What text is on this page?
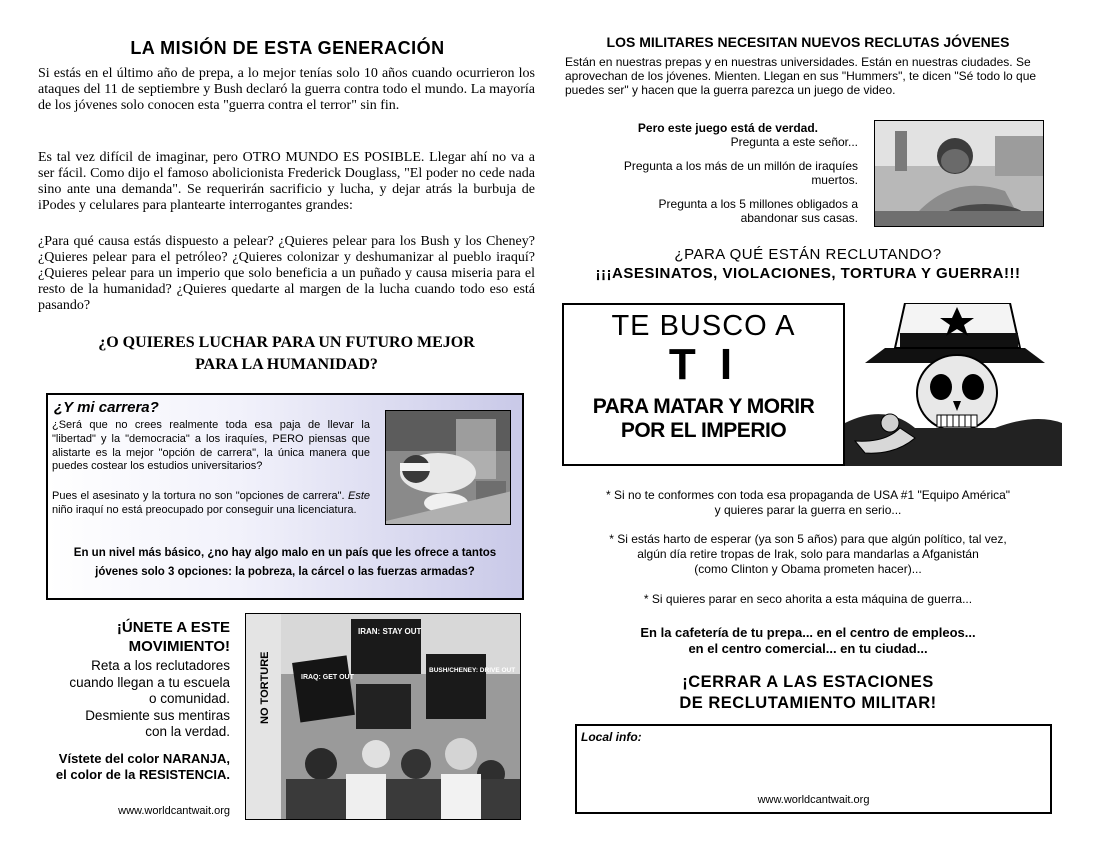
LA MISIÓN DE ESTA GENERACIÓN
Si estás en el último año de prepa, a lo mejor tenías solo 10 años cuando ocurrieron los ataques del 11 de septiembre y Bush declaró la guerra contra todo el mundo. La mayoría de los jóvenes solo conocen esta "guerra contra el terror" sin fin.
Es tal vez difícil de imaginar, pero OTRO MUNDO ES POSIBLE. Llegar ahí no va a ser fácil. Como dijo el famoso abolicionista Frederick Douglass, "El poder no cede nada sino ante una demanda". Se requerirán sacrificio y lucha, y dejar atrás la burbuja de iPodes y celulares para plantearte interrogantes grandes:
¿Para qué causa estás dispuesto a pelear? ¿Quieres pelear para los Bush y los Cheney? ¿Quieres pelear para el petróleo? ¿Quieres colonizar y deshumanizar al pueblo iraquí? ¿Quieres pelear para un imperio que solo beneficia a un puñado y causa miseria para el resto de la humanidad? ¿Quieres quedarte al margen de la lucha cuando todo eso está pasando?
¿O QUIERES LUCHAR PARA UN FUTURO MEJOR
PARA LA HUMANIDAD?
¿Y mi carrera?
¿Será que no crees realmente toda esa paja de llevar la "libertad" y la "democracia" a los iraquíes, PERO piensas que alistarte es la mejor "opción de carrera", la única manera que puedes costear los estudios universitarios?
Pues el asesinato y la tortura no son "opciones de carrera". Este niño iraquí no está preocupado por conseguir una licenciatura.
En un nivel más básico, ¿no hay algo malo en un país que les ofrece a tantos
jóvenes solo 3 opciones: la pobreza, la cárcel o las fuerzas armadas?
¡ÚNETE A ESTE
MOVIMIENTO!
Reta a los reclutadores
cuando llegan a tu escuela
o comunidad.
Desmiente sus mentiras
con la verdad.
Vístete del color NARANJA,
el color de la RESISTENCIA.
www.worldcantwait.org
NO TORTURE
IRAN: STAY OUT
IRAQ: GET OUT
BUSH/CHENEY: DRIVE OUT
LOS MILITARES NECESITAN NUEVOS RECLUTAS JÓVENES
Están en nuestras prepas y en nuestras universidades. Están en nuestras ciudades. Se aprovechan de los jóvenes. Mienten. Llegan en sus "Hummers", te dicen "Sé todo lo que puedes ser" y hacen que la guerra parezca un juego de video.
Pero este juego está de verdad.
Pregunta a este señor...
Pregunta a los más de un millón de iraquíes
muertos.
Pregunta a los 5 millones obligados a
abandonar sus casas.
¿PARA QUÉ ESTÁN RECLUTANDO?
¡¡¡ASESINATOS, VIOLACIONES, TORTURA Y GUERRA!!!
TE BUSCO A
T I
PARA MATAR Y MORIR
POR EL IMPERIO
* Si no te conformes con toda esa propaganda de USA #1 "Equipo América"
y quieres parar la guerra en serio...
* Si estás harto de esperar (ya son 5 años) para que algún político, tal vez,
algún día retire tropas de Irak, solo para mandarlas a Afganistán
(como Clinton y Obama prometen hacer)...
* Si quieres parar en seco ahorita a esta máquina de guerra...
En la cafetería de tu prepa... en el centro de empleos...
en el centro comercial... en tu ciudad...
¡CERRAR A LAS ESTACIONES
DE RECLUTAMIENTO MILITAR!
Local info:
www.worldcantwait.org
